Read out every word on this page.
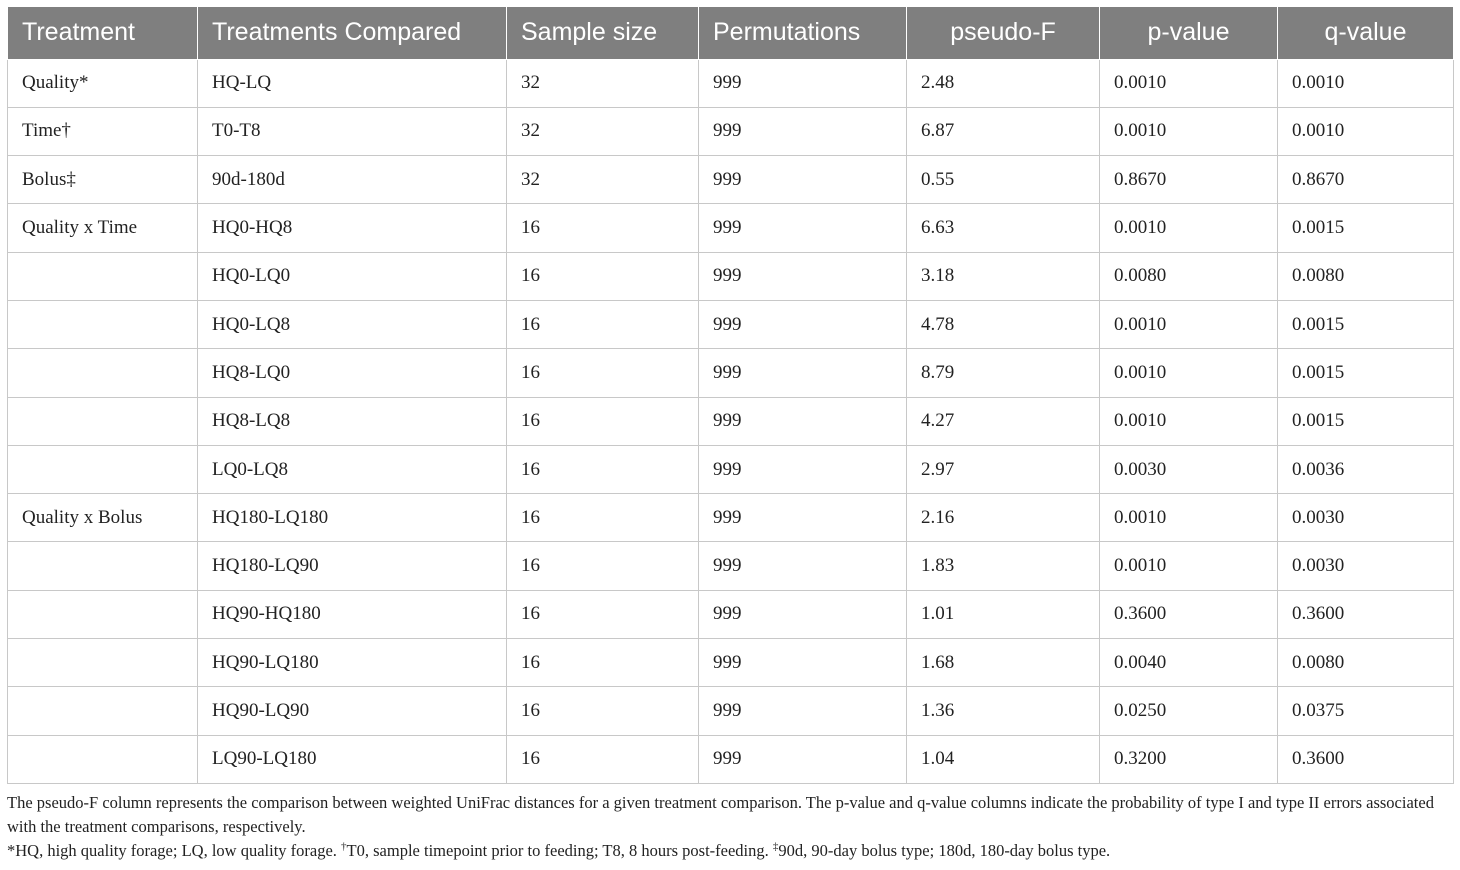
Treatment	Treatments Compared	Sample size	Permutations	pseudo-F	p-value	q-value
Quality*	HQ-LQ	32	999	2.48	0.0010	0.0010
Time†	T0-T8	32	999	6.87	0.0010	0.0010
Bolus‡	90d-180d	32	999	0.55	0.8670	0.8670
Quality x Time	HQ0-HQ8	16	999	6.63	0.0010	0.0015
	HQ0-LQ0	16	999	3.18	0.0080	0.0080
	HQ0-LQ8	16	999	4.78	0.0010	0.0015
	HQ8-LQ0	16	999	8.79	0.0010	0.0015
	HQ8-LQ8	16	999	4.27	0.0010	0.0015
	LQ0-LQ8	16	999	2.97	0.0030	0.0036
Quality x Bolus	HQ180-LQ180	16	999	2.16	0.0010	0.0030
	HQ180-LQ90	16	999	1.83	0.0010	0.0030
	HQ90-HQ180	16	999	1.01	0.3600	0.3600
	HQ90-LQ180	16	999	1.68	0.0040	0.0080
	HQ90-LQ90	16	999	1.36	0.0250	0.0375
	LQ90-LQ180	16	999	1.04	0.3200	0.3600

The pseudo-F column represents the comparison between weighted UniFrac distances for a given treatment comparison. The p-value and q-value columns indicate the probability of type I and type II errors associated with the treatment comparisons, respectively.

*HQ, high quality forage; LQ, low quality forage. †T0, sample timepoint prior to feeding; T8, 8 hours post-feeding. ‡90d, 90-day bolus type; 180d, 180-day bolus type.
